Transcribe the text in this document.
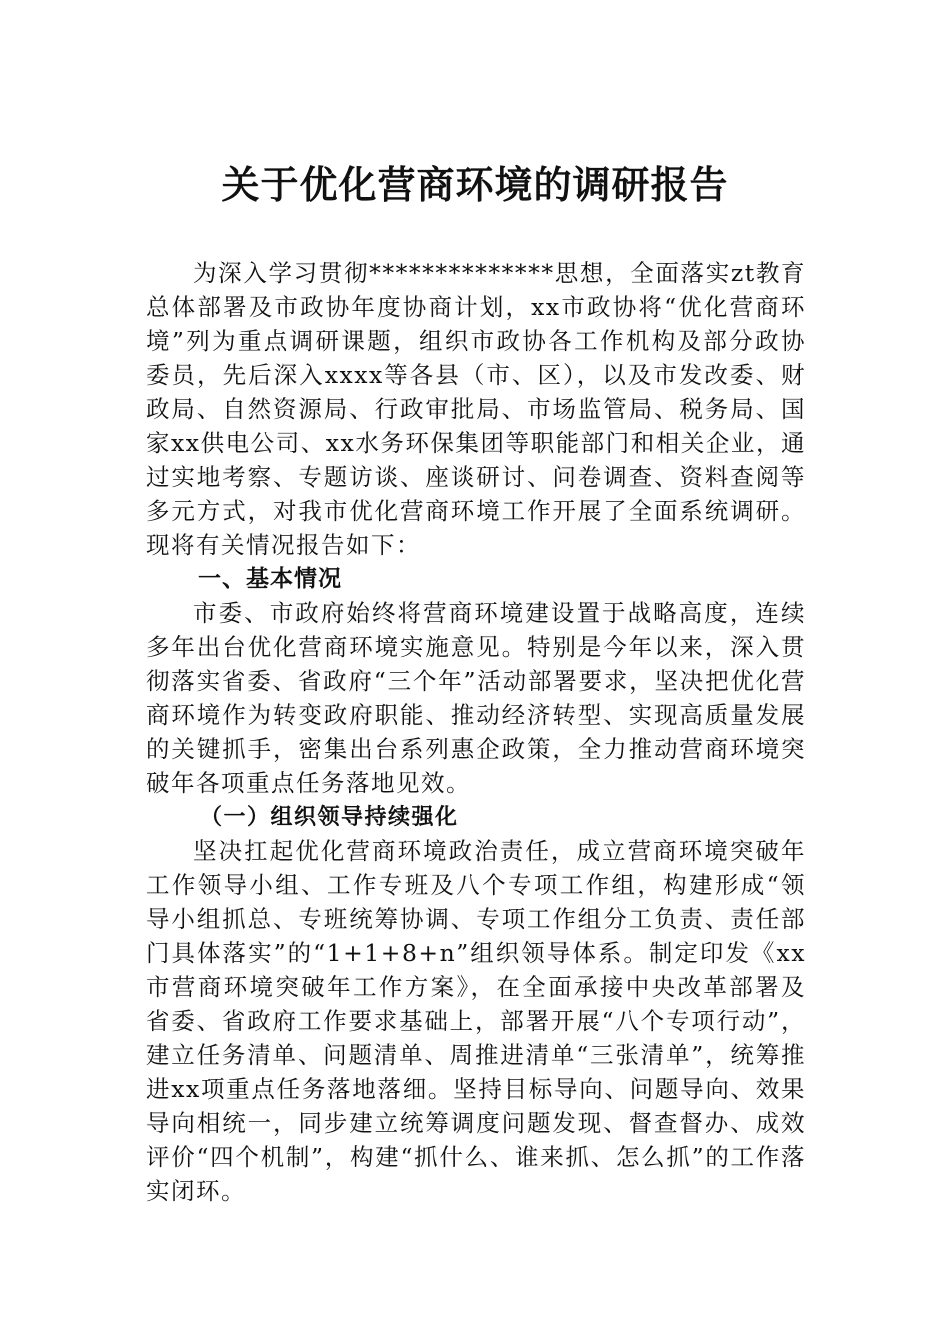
关于优化营商环境的调研报告

为深入学习贯彻**************思想，全面落实zt教育总体部署及市政协年度协商计划，xx市政协将“优化营商环境”列为重点调研课题，组织市政协各工作机构及部分政协委员，先后深入xxxx等各县（市、区），以及市发改委、财政局、自然资源局、行政审批局、市场监管局、税务局、国家xx供电公司、xx水务环保集团等职能部门和相关企业，通过实地考察、专题访谈、座谈研讨、问卷调查、资料查阅等多元方式，对我市优化营商环境工作开展了全面系统调研。现将有关情况报告如下：

一、基本情况

市委、市政府始终将营商环境建设置于战略高度，连续多年出台优化营商环境实施意见。特别是今年以来，深入贯彻落实省委、省政府“三个年”活动部署要求，坚决把优化营商环境作为转变政府职能、推动经济转型、实现高质量发展的关键抓手，密集出台系列惠企政策，全力推动营商环境突破年各项重点任务落地见效。

（一）组织领导持续强化

坚决扛起优化营商环境政治责任，成立营商环境突破年工作领导小组、工作专班及八个专项工作组，构建形成“领导小组抓总、专班统筹协调、专项工作组分工负责、责任部门具体落实”的“1+1+8+n”组织领导体系。制定印发《xx市营商环境突破年工作方案》，在全面承接中央改革部署及省委、省政府工作要求基础上，部署开展“八个专项行动”，建立任务清单、问题清单、周推进清单“三张清单”，统筹推进xx项重点任务落地落细。坚持目标导向、问题导向、效果导向相统一，同步建立统筹调度问题发现、督查督办、成效评价“四个机制”，构建“抓什么、谁来抓、怎么抓”的工作落实闭环。
